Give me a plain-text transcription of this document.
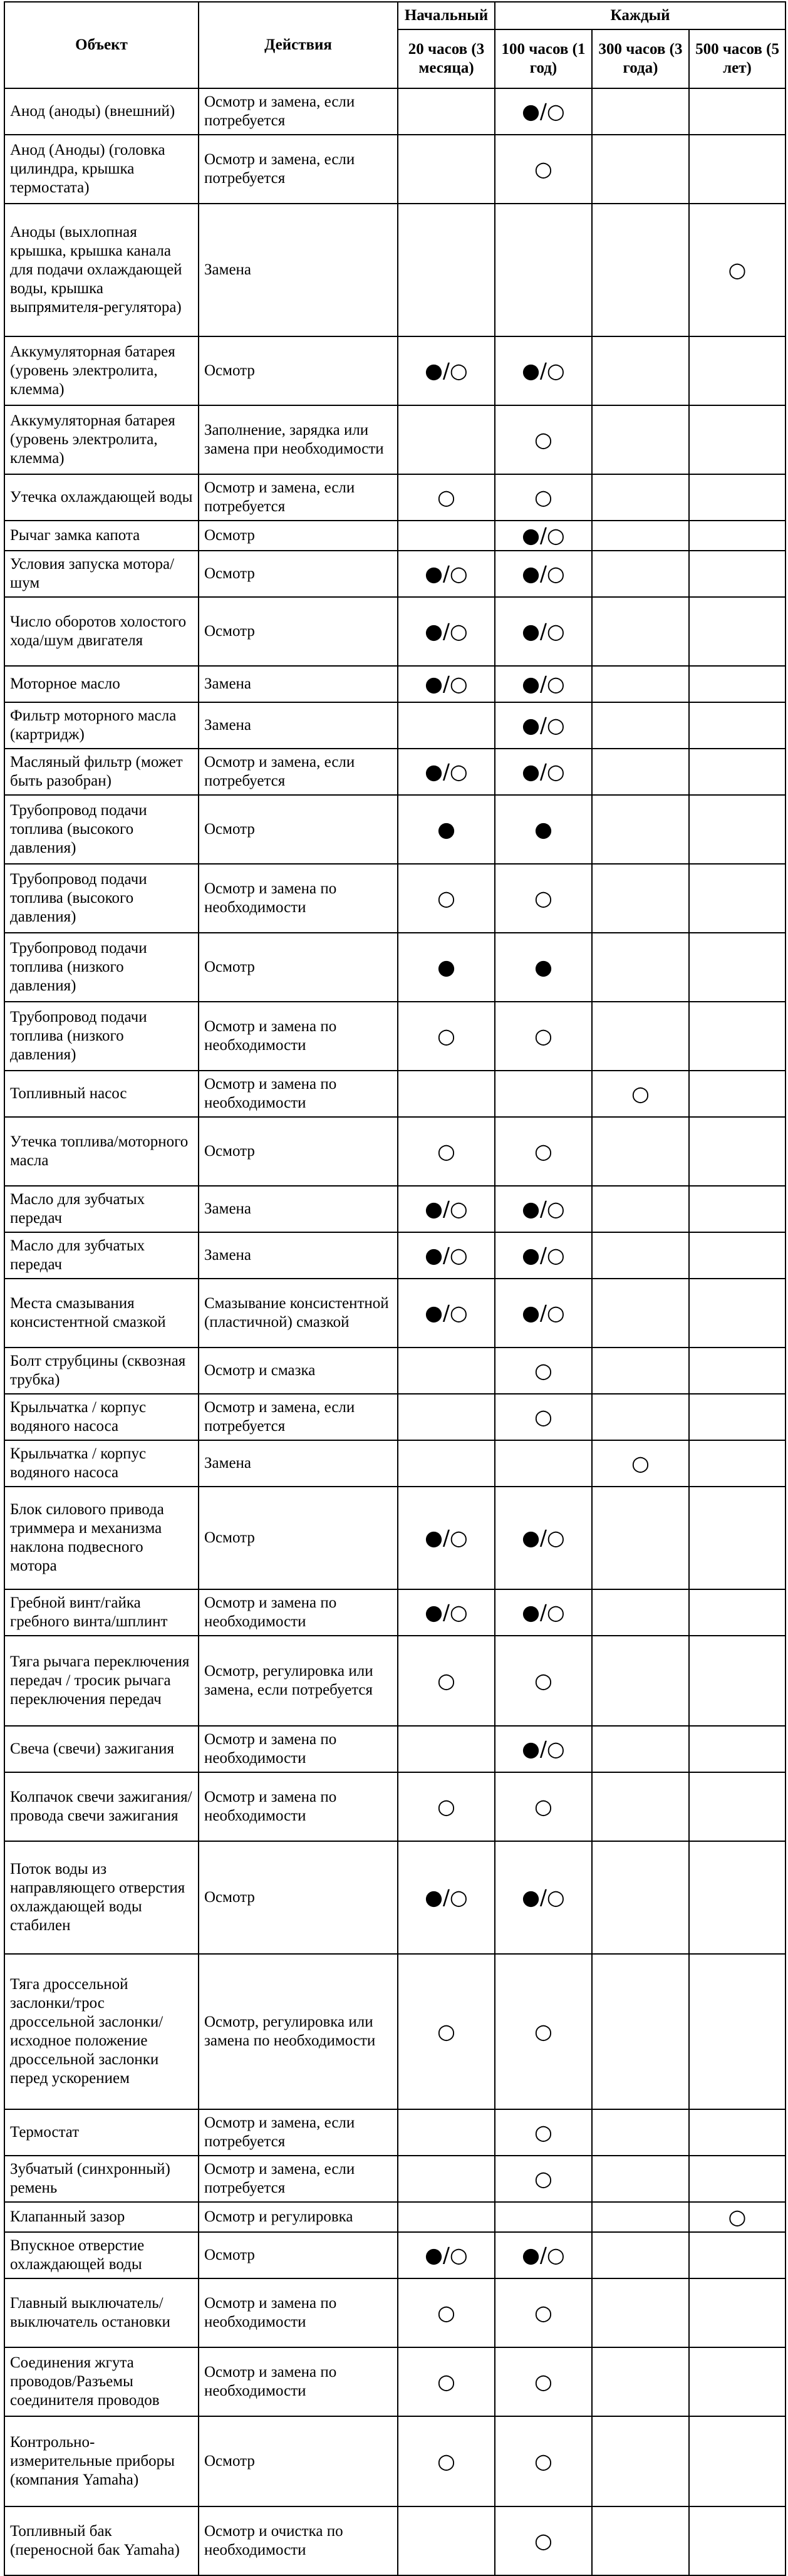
Объект	Действия	Начальный	Каждый		
		20 часов (3 месяца)	100 часов (1 год)	300 часов (3 года)	500 часов (5 лет)
Анод (аноды) (внешний)	Осмотр и замена, если потребуется		●/○		
Анод (Аноды) (головка цилиндра, крышка термостата)	Осмотр и замена, если потребуется		○		
Аноды (выхлопная крышка, крышка канала для подачи охлаждающей воды, крышка выпрямителя-регулятора)	Замена				○
Аккумуляторная батарея (уровень электролита, клемма)	Осмотр	●/○	●/○		
Аккумуляторная батарея (уровень электролита, клемма)	Заполнение, зарядка или замена при необходимости		○		
Утечка охлаждающей воды	Осмотр и замена, если потребуется	○	○		
Рычаг замка капота	Осмотр		●/○		
Условия запуска мотора/шум	Осмотр	●/○	●/○		
Число оборотов холостого хода/шум двигателя	Осмотр	●/○	●/○		
Моторное масло	Замена	●/○	●/○		
Фильтр моторного масла (картридж)	Замена		●/○		
Масляный фильтр (может быть разобран)	Осмотр и замена, если потребуется	●/○	●/○		
Трубопровод подачи топлива (высокого давления)	Осмотр	●	●		
Трубопровод подачи топлива (высокого давления)	Осмотр и замена по необходимости	○	○		
Трубопровод подачи топлива (низкого давления)	Осмотр	●	●		
Трубопровод подачи топлива (низкого давления)	Осмотр и замена по необходимости	○	○		
Топливный насос	Осмотр и замена по необходимости			○	
Утечка топлива/моторного масла	Осмотр	○	○		
Масло для зубчатых передач	Замена	●/○	●/○		
Масло для зубчатых передач	Замена	●/○	●/○		
Места смазывания консистентной смазкой	Смазывание консистентной (пластичной) смазкой	●/○	●/○		
Болт струбцины (сквозная трубка)	Осмотр и смазка		○		
Крыльчатка / корпус водяного насоса	Осмотр и замена, если потребуется		○		
Крыльчатка / корпус водяного насоса	Замена			○	
Блок силового привода триммера и механизма наклона подвесного мотора	Осмотр	●/○	●/○		
Гребной винт/гайка гребного винта/шплинт	Осмотр и замена по необходимости	●/○	●/○		
Тяга рычага переключения передач / тросик рычага переключения передач	Осмотр, регулировка или замена, если потребуется	○	○		
Свеча (свечи) зажигания	Осмотр и замена по необходимости		●/○		
Колпачок свечи зажигания/провода свечи зажигания	Осмотр и замена по необходимости	○	○		
Поток воды из направляющего отверстия охлаждающей воды стабилен	Осмотр	●/○	●/○		
Тяга дроссельной заслонки/трос дроссельной заслонки/исходное положение дроссельной заслонки перед ускорением	Осмотр, регулировка или замена по необходимости	○	○		
Термостат	Осмотр и замена, если потребуется		○		
Зубчатый (синхронный) ремень	Осмотр и замена, если потребуется		○		
Клапанный зазор	Осмотр и регулировка				○
Впускное отверстие охлаждающей воды	Осмотр	●/○	●/○		
Главный выключатель/выключатель остановки	Осмотр и замена по необходимости	○	○		
Соединения жгута проводов/Разъемы соединителя проводов	Осмотр и замена по необходимости	○	○		
Контрольно-измерительные приборы (компания Yamaha)	Осмотр	○	○		
Топливный бак (переносной бак Yamaha)	Осмотр и очистка по необходимости		○		
